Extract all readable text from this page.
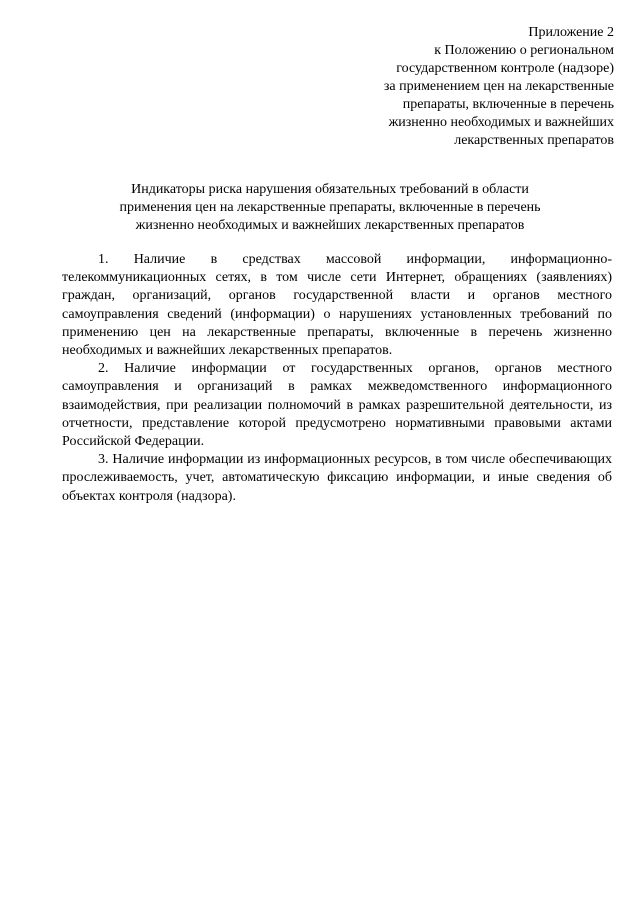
Приложение 2
к Положению о региональном
государственном контроле (надзоре)
за применением цен на лекарственные
препараты, включенные в перечень
жизненно необходимых и важнейших
лекарственных препаратов
Индикаторы риска нарушения обязательных требований в области
применения цен на лекарственные препараты, включенные в перечень
жизненно необходимых и важнейших лекарственных препаратов

1. Наличие в средствах массовой информации, информационно-телекоммуникационных сетях, в том числе сети Интернет, обращениях (заявлениях) граждан, организаций, органов государственной власти и органов местного самоуправления сведений (информации) о нарушениях установленных требований по применению цен на лекарственные препараты, включенные в перечень жизненно необходимых и важнейших лекарственных препаратов.

2. Наличие информации от государственных органов, органов местного самоуправления и организаций в рамках межведомственного информационного взаимодействия, при реализации полномочий в рамках разрешительной деятельности, из отчетности, представление которой предусмотрено нормативными правовыми актами Российской Федерации.

3. Наличие информации из информационных ресурсов, в том числе обеспечивающих прослеживаемость, учет, автоматическую фиксацию информации, и иные сведения об объектах контроля (надзора).
